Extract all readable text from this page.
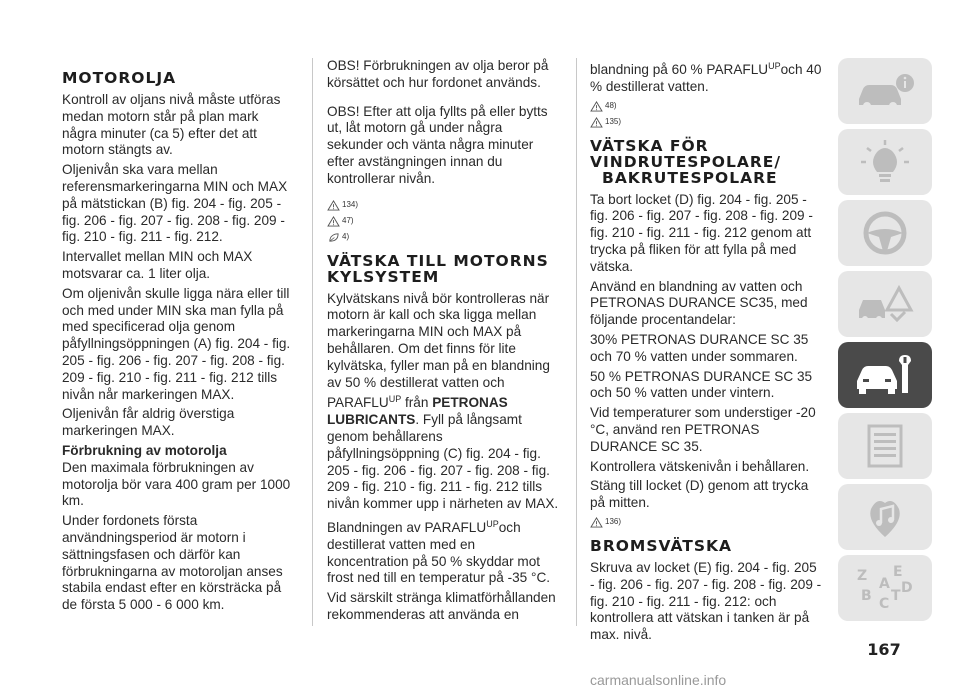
MOTOROLJA

Kontroll av oljans nivå måste utföras medan motorn står på plan mark några minuter (ca 5) efter det att motorn stängts av.

Oljenivån ska vara mellan referensmarkeringarna MIN och MAX på mätstickan (B) fig. 204 - fig. 205 - fig. 206 - fig. 207 - fig. 208 - fig. 209 - fig. 210 - fig. 211 - fig. 212.

Intervallet mellan MIN och MAX motsvarar ca. 1 liter olja.

Om oljenivån skulle ligga nära eller till och med under MIN ska man fylla på med specificerad olja genom påfyllningsöppningen (A) fig. 204 - fig. 205 - fig. 206 - fig. 207 - fig. 208 - fig. 209 - fig. 210 - fig. 211 - fig. 212 tills nivån når markeringen MAX.

Oljenivån får aldrig överstiga markeringen MAX.

Förbrukning av motorolja

Den maximala förbrukningen av motorolja bör vara 400 gram per 1000 km.

Under fordonets första användningsperiod är motorn i sättningsfasen och därför kan förbrukningarna av motoroljan anses stabila endast efter en körsträcka på de första 5 000 - 6 000 km.

OBS! Förbrukningen av olja beror på körsättet och hur fordonet används.

OBS! Efter att olja fyllts på eller bytts ut, låt motorn gå under några sekunder och vänta några minuter efter avstängningen innan du kontrollerar nivån.

134)
47)
4)
VÄTSKA TILL MOTORNS
KYLSYSTEM

Kylvätskans nivå bör kontrolleras när motorn är kall och ska ligga mellan markeringarna MIN och MAX på behållaren. Om det finns för lite kylvätska, fyller man på en blandning av 50 % destillerat vatten och $PARAFLU^{UP}$ från PETRONAS LUBRICANTS. Fyll på långsamt genom behållarens påfyllningsöppning (C) fig. 204 - fig. 205 - fig. 206 - fig. 207 - fig. 208 - fig. 209 - fig. 210 - fig. 211 - fig. 212 tills nivån kommer upp i närheten av MAX.

Blandningen av $PARAFLU^{UP}och$ destillerat vatten med en koncentration på 50 % skyddar mot frost ned till en temperatur på -35 °C.

Vid särskilt stränga klimatförhållanden rekommenderas att använda en

blandning på 60 % $PARAFLU^{UP}och$ 40 % destillerat vatten.

48)
135)
VÄTSKA FÖR
VINDRUTESPOLARE/
BAKRUTESPOLARE

Ta bort locket (D) fig. 204 - fig. 205 - fig. 206 - fig. 207 - fig. 208 - fig. 209 - fig. 210 - fig. 211 - fig. 212 genom att trycka på fliken för att fylla på med vätska.

Använd en blandning av vatten och PETRONAS DURANCE SC35, med följande procentandelar:

30% PETRONAS DURANCE SC 35 och 70 % vatten under sommaren.

50 % PETRONAS DURANCE SC 35 och 50 % vatten under vintern.

Vid temperaturer som understiger -20 °C, använd ren PETRONAS DURANCE SC 35.

Kontrollera vätskenivån i behållaren.

Stäng till locket (D) genom att trycka på mitten.

136)
BROMSVÄTSKA

Skruva av locket (E) fig. 204 - fig. 205 - fig. 206 - fig. 207 - fig. 208 - fig. 209 - fig. 210 - fig. 211 - fig. 212: och kontrollera att vätskan i tanken är på max. nivå.

Z E
A
B C T D
167
carmanualsonline.info
